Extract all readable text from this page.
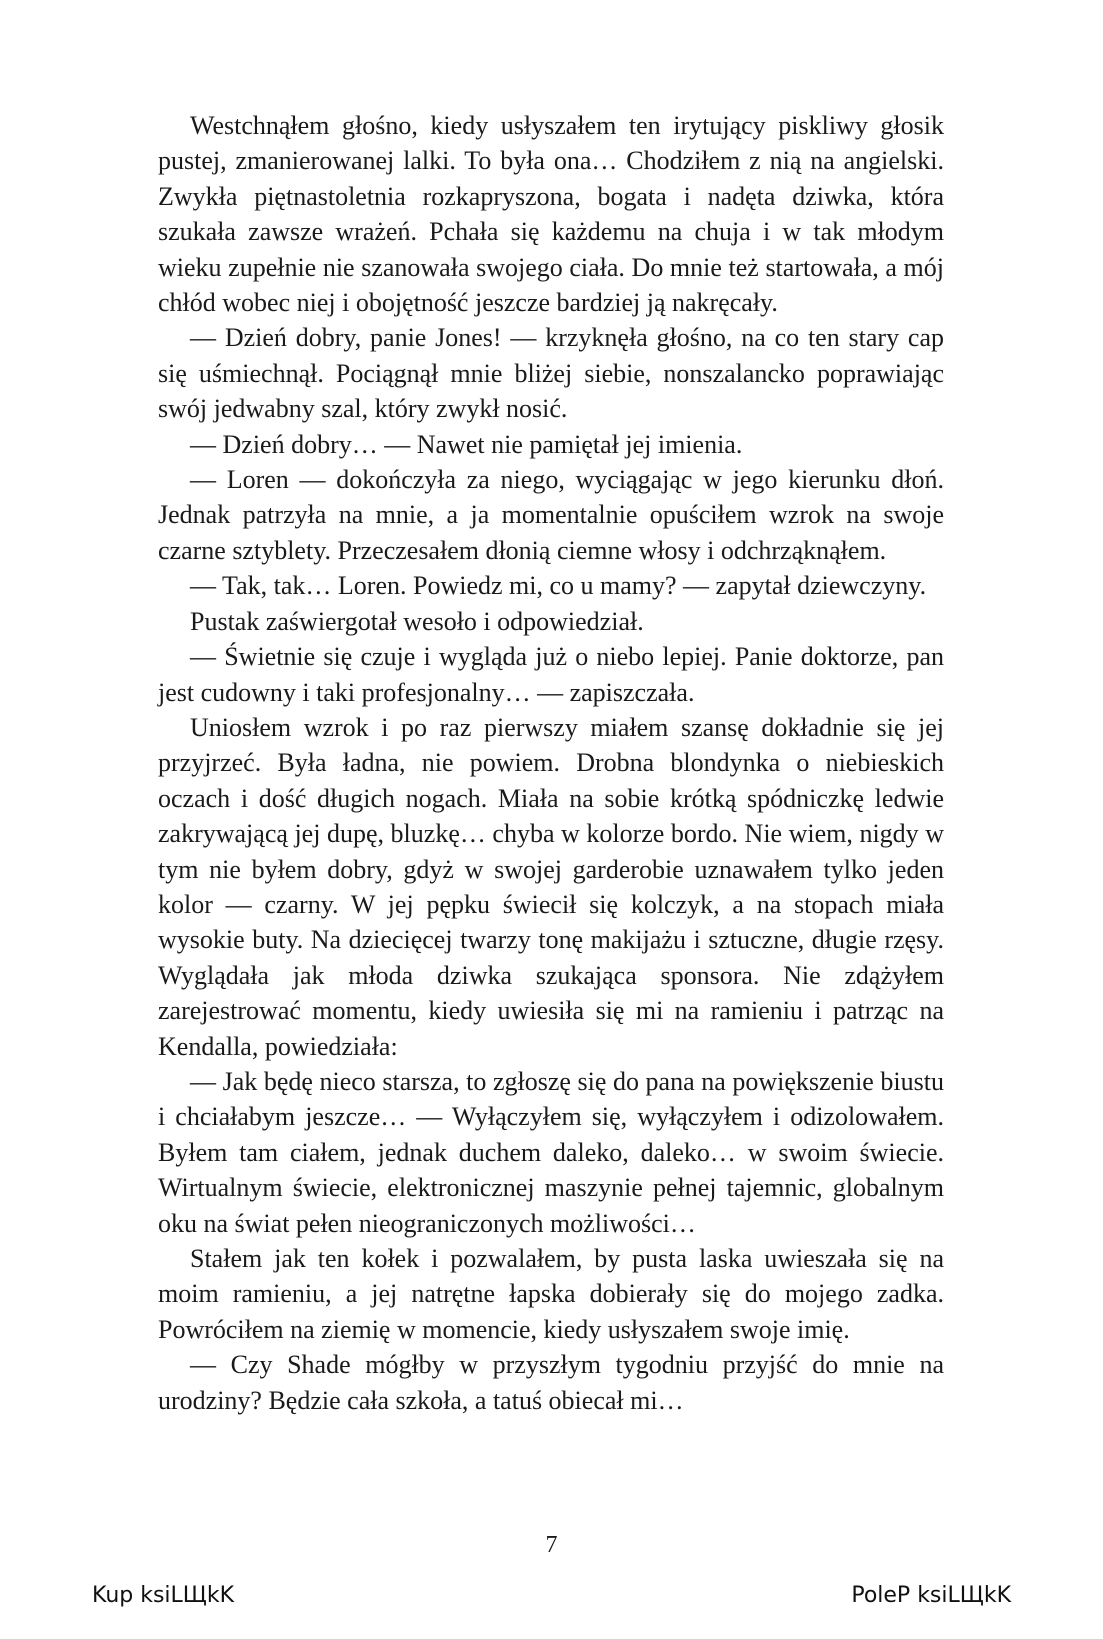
Westchnąłem głośno, kiedy usłyszałem ten irytujący piskliwy głosik pustej, zmanierowanej lalki. To była ona… Chodziłem z nią na angielski. Zwykła piętnastoletnia rozkapryszona, bogata i nadęta dziwka, która szukała zawsze wrażeń. Pchała się każdemu na chuja i w tak młodym wieku zupełnie nie szanowała swojego ciała. Do mnie też startowała, a mój chłód wobec niej i obojętność jeszcze bardziej ją nakręcały.

— Dzień dobry, panie Jones! — krzyknęła głośno, na co ten stary cap się uśmiechnął. Pociągnął mnie bliżej siebie, nonszalancko poprawiając swój jedwabny szal, który zwykł nosić.

— Dzień dobry… — Nawet nie pamiętał jej imienia.

— Loren — dokończyła za niego, wyciągając w jego kierunku dłoń. Jednak patrzyła na mnie, a ja momentalnie opuściłem wzrok na swoje czarne sztyblety. Przeczesałem dłonią ciemne włosy i odchrząknąłem.

— Tak, tak… Loren. Powiedz mi, co u mamy? — zapytał dziewczyny.

Pustak zaświergotał wesoło i odpowiedział.

— Świetnie się czuje i wygląda już o niebo lepiej. Panie doktorze, pan jest cudowny i taki profesjonalny… — zapiszczała.

Uniosłem wzrok i po raz pierwszy miałem szansę dokładnie się jej przyjrzeć. Była ładna, nie powiem. Drobna blondynka o niebieskich oczach i dość długich nogach. Miała na sobie krótką spódniczkę ledwie zakrywającą jej dupę, bluzkę… chyba w kolorze bordo. Nie wiem, nigdy w tym nie byłem dobry, gdyż w swojej garderobie uznawałem tylko jeden kolor — czarny. W jej pępku świecił się kolczyk, a na stopach miała wysokie buty. Na dziecięcej twarzy tonę makijażu i sztuczne, długie rzęsy. Wyglądała jak młoda dziwka szukająca sponsora. Nie zdążyłem zarejestrować momentu, kiedy uwiesiła się mi na ramieniu i patrząc na Kendalla, powiedziała:

— Jak będę nieco starsza, to zgłoszę się do pana na powiększenie biustu i chciałabym jeszcze… — Wyłączyłem się, wyłączyłem i odizolowałem. Byłem tam ciałem, jednak duchem daleko, daleko… w swoim świecie. Wirtualnym świecie, elektronicznej maszynie pełnej tajemnic, globalnym oku na świat pełen nieograniczonych możliwości…

Stałem jak ten kołek i pozwalałem, by pusta laska uwieszała się na moim ramieniu, a jej natrętne łapska dobierały się do mojego zadka. Powróciłem na ziemię w momencie, kiedy usłyszałem swoje imię.

— Czy Shade mógłby w przyszłym tygodniu przyjść do mnie na urodziny? Będzie cała szkoła, a tatuś obiecał mi…

7
Kup ksiLЩkK	PoleP ksiLЩkK
